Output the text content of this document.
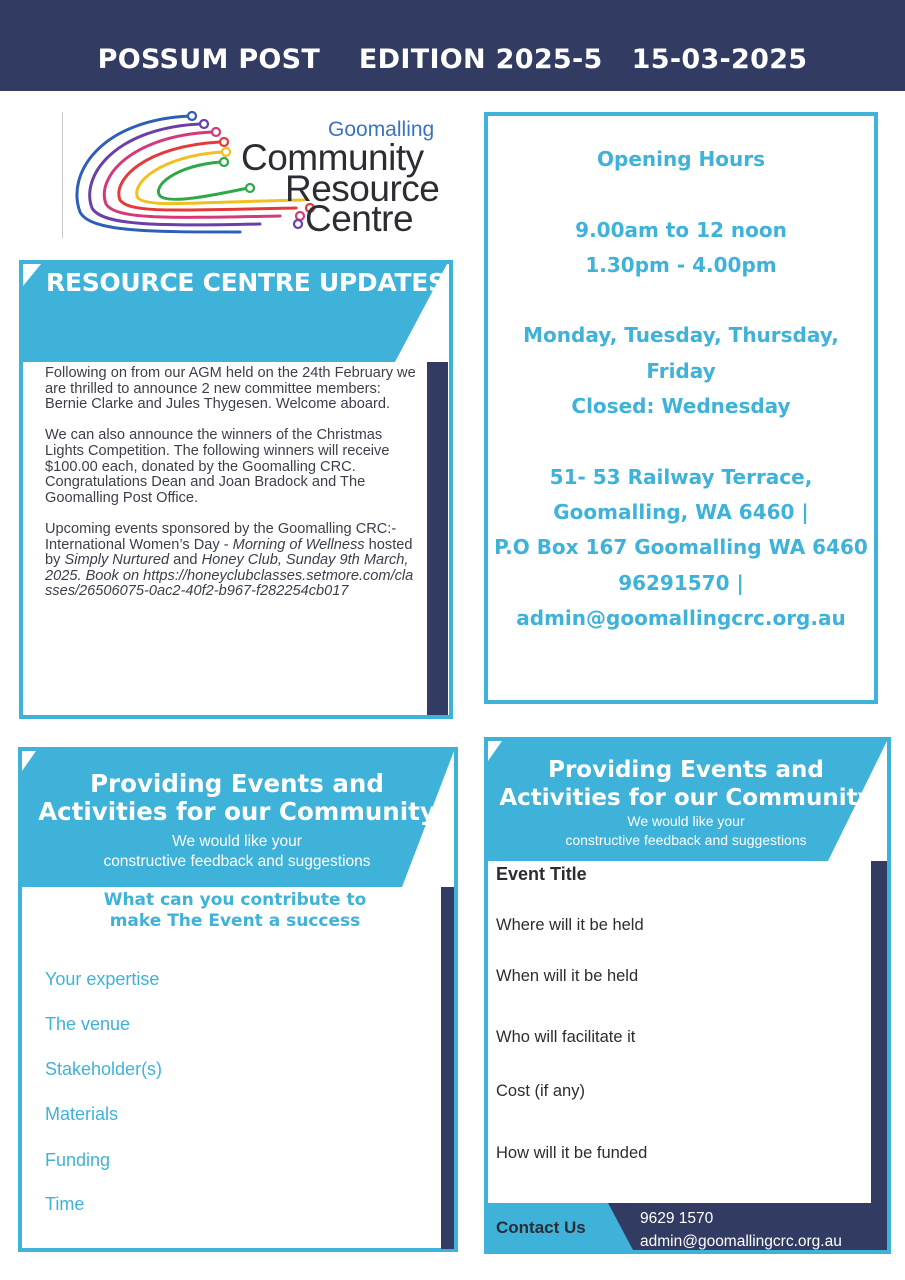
POSSUM POST    EDITION 2025-5   15-03-2025
Goomalling
Community
Resource
Centre
RESOURCE CENTRE UPDATES

Following on from our AGM held on the 24th February we are thrilled to announce 2 new committee members: Bernie Clarke and Jules Thygesen. Welcome aboard.

We can also announce the winners of the Christmas Lights Competition. The following winners will receive $100.00 each, donated by the Goomalling CRC. Congratulations Dean and Joan Bradock and The Goomalling Post Office.

Upcoming events sponsored by the Goomalling CRC:- International Women’s Day - Morning of Wellness hosted by Simply Nurtured and Honey Club, Sunday 9th March, 2025. Book on https://honeyclubclasses.setmore.com/classes/26506075-0ac2-40f2-b967-f282254cb017

Opening Hours
9.00am to 12 noon
1.30pm - 4.00pm
Monday, Tuesday, Thursday, Friday
Closed: Wednesday
51- 53 Railway Terrace,
Goomalling, WA 6460 |
P.O Box 167 Goomalling WA 6460
96291570 |
admin@goomallingcrc.org.au
Providing Events and
Activities for our Community
We would like your
constructive feedback and suggestions
What can you contribute to
make The Event a success
Your expertise
The venue
Stakeholder(s)
Materials
Funding
Time
Providing Events and
Activities for our Community
We would like your
constructive feedback and suggestions
Event Title
Where will it be held
When will it be held
Who will facilitate it
Cost (if any)
How will it be funded
Contact Us	9629 1570
admin@goomallingcrc.org.au
